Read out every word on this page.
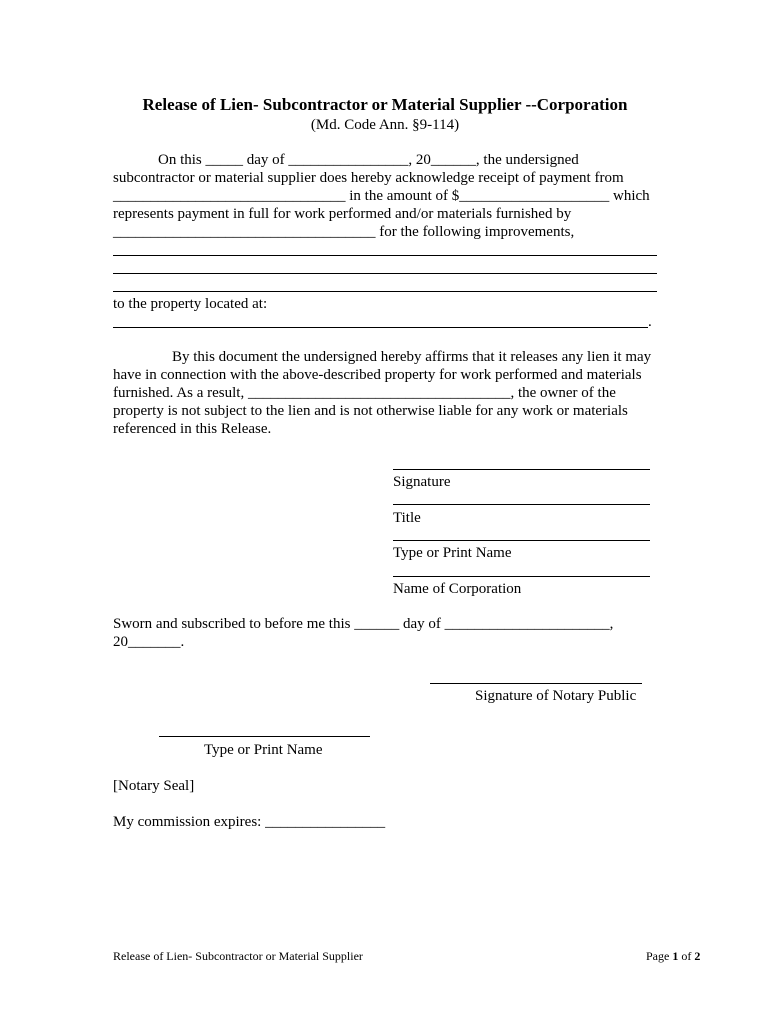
Release of Lien- Subcontractor or Material Supplier --Corporation
(Md. Code Ann. §9-114)
On this _____ day of ________________, 20______, the undersigned
subcontractor or material supplier does hereby acknowledge receipt of payment from
_______________________________ in the amount of $____________________ which
represents payment in full for work performed and/or materials furnished by
___________________________________ for the following improvements,
to the property located at:
.
By this document the undersigned hereby affirms that it releases any lien it may
have in connection with the above-described property for work performed and materials
furnished. As a result, ___________________________________, the owner of the
property is not subject to the lien and is not otherwise liable for any work or materials
referenced in this Release.
Signature
Title
Type or Print Name
Name of Corporation
Sworn and subscribed to before me this ______ day of ______________________,
20_______.
Signature of Notary Public
Type or Print Name
[Notary Seal]
My commission expires: ________________
Release of Lien- Subcontractor or Material Supplier	Page 1 of 2
